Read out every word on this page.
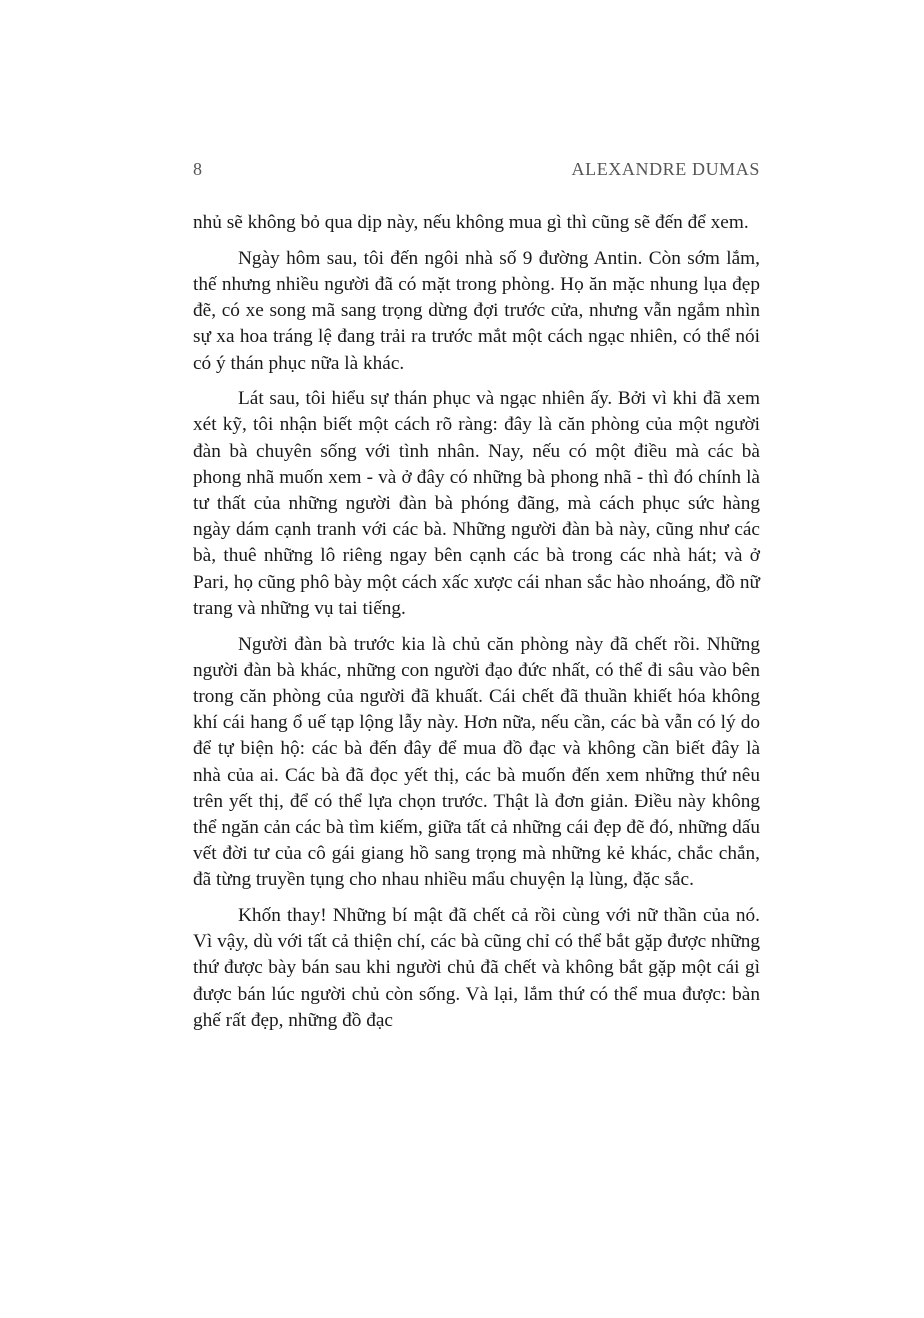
8	ALEXANDRE DUMAS

nhủ sẽ không bỏ qua dịp này, nếu không mua gì thì cũng sẽ đến để xem.

Ngày hôm sau, tôi đến ngôi nhà số 9 đường Antin. Còn sớm lắm, thế nhưng nhiều người đã có mặt trong phòng. Họ ăn mặc nhung lụa đẹp đẽ, có xe song mã sang trọng dừng đợi trước cửa, nhưng vẫn ngắm nhìn sự xa hoa tráng lệ đang trải ra trước mắt một cách ngạc nhiên, có thể nói có ý thán phục nữa là khác.

Lát sau, tôi hiểu sự thán phục và ngạc nhiên ấy. Bởi vì khi đã xem xét kỹ, tôi nhận biết một cách rõ ràng: đây là căn phòng của một người đàn bà chuyên sống với tình nhân. Nay, nếu có một điều mà các bà phong nhã muốn xem - và ở đây có những bà phong nhã - thì đó chính là tư thất của những người đàn bà phóng đãng, mà cách phục sức hàng ngày dám cạnh tranh với các bà. Những người đàn bà này, cũng như các bà, thuê những lô riêng ngay bên cạnh các bà trong các nhà hát; và ở Pari, họ cũng phô bày một cách xấc xược cái nhan sắc hào nhoáng, đồ nữ trang và những vụ tai tiếng.

Người đàn bà trước kia là chủ căn phòng này đã chết rồi. Những người đàn bà khác, những con người đạo đức nhất, có thể đi sâu vào bên trong căn phòng của người đã khuất. Cái chết đã thuần khiết hóa không khí cái hang ổ uế tạp lộng lẫy này. Hơn nữa, nếu cần, các bà vẫn có lý do để tự biện hộ: các bà đến đây để mua đồ đạc và không cần biết đây là nhà của ai. Các bà đã đọc yết thị, các bà muốn đến xem những thứ nêu trên yết thị, để có thể lựa chọn trước. Thật là đơn giản. Điều này không thể ngăn cản các bà tìm kiếm, giữa tất cả những cái đẹp đẽ đó, những dấu vết đời tư của cô gái giang hồ sang trọng mà những kẻ khác, chắc chắn, đã từng truyền tụng cho nhau nhiều mẩu chuyện lạ lùng, đặc sắc.

Khốn thay! Những bí mật đã chết cả rồi cùng với nữ thần của nó. Vì vậy, dù với tất cả thiện chí, các bà cũng chỉ có thể bắt gặp được những thứ được bày bán sau khi người chủ đã chết và không bắt gặp một cái gì được bán lúc người chủ còn sống. Và lại, lắm thứ có thể mua được: bàn ghế rất đẹp, những đồ đạc
